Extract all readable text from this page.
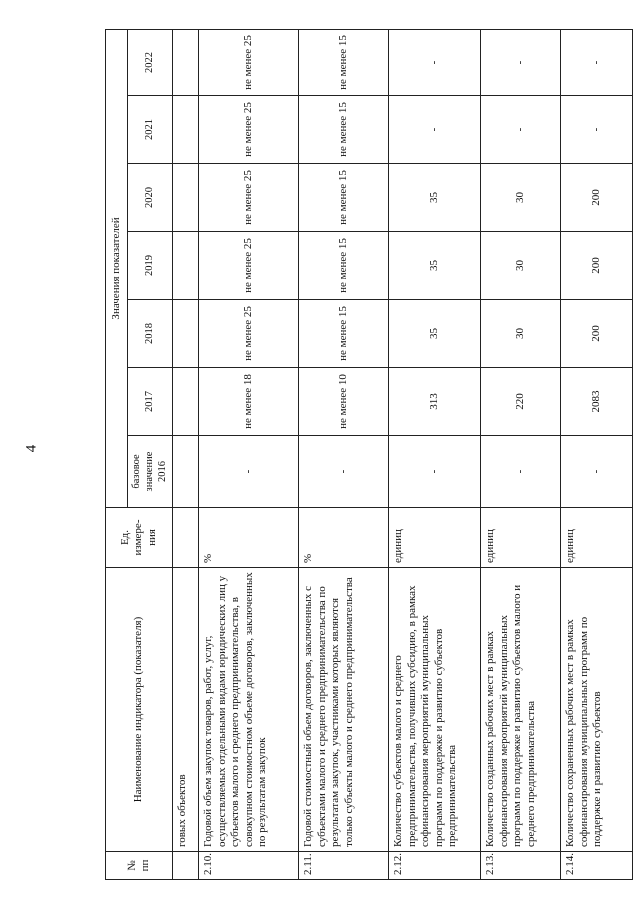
4
№ пп	Наименование индикатора (показателя)	Ед. измере-ния	Значения показателей						
			базовое значение 2016	2017	2018	2019	2020	2021	2022
	говых объектов								
2.10.	Годовой объем закупок товаров, работ, услуг, осуществляемых отдельными видами юридических лиц у субъектов малого и среднего предпринимательства, в совокупном стоимостном объеме договоров, заключенных по результатам закупок	%	-	не менее 18	не менее 25	не менее 25	не менее 25	не менее 25	не менее 25
2.11.	Годовой стоимостный объем договоров, заключенных с субъектами малого и среднего предпринимательства по результатам закупок, участниками которых являются только субъекты малого и среднего предпринимательства	%	-	не менее 10	не менее 15	не менее 15	не менее 15	не менее 15	не менее 15
2.12.	Количество субъектов малого и среднего предпринимательства, получивших субсидию, в рамках софинансирования мероприятий муниципальных программ по поддержке и развитию субъектов предпринимательства	единиц	-	313	35	35	35	-	-
2.13.	Количество созданных рабочих мест в рамках софинансирования мероприятий муниципальных программ по поддержке и развитию субъектов малого и среднего предпринимательства	единиц	-	220	30	30	30	-	-
2.14.	Количество сохраненных рабочих мест в рамках софинансирования муниципальных программ по поддержке и развитию субъектов	единиц	-	2083	200	200	200	-	-
